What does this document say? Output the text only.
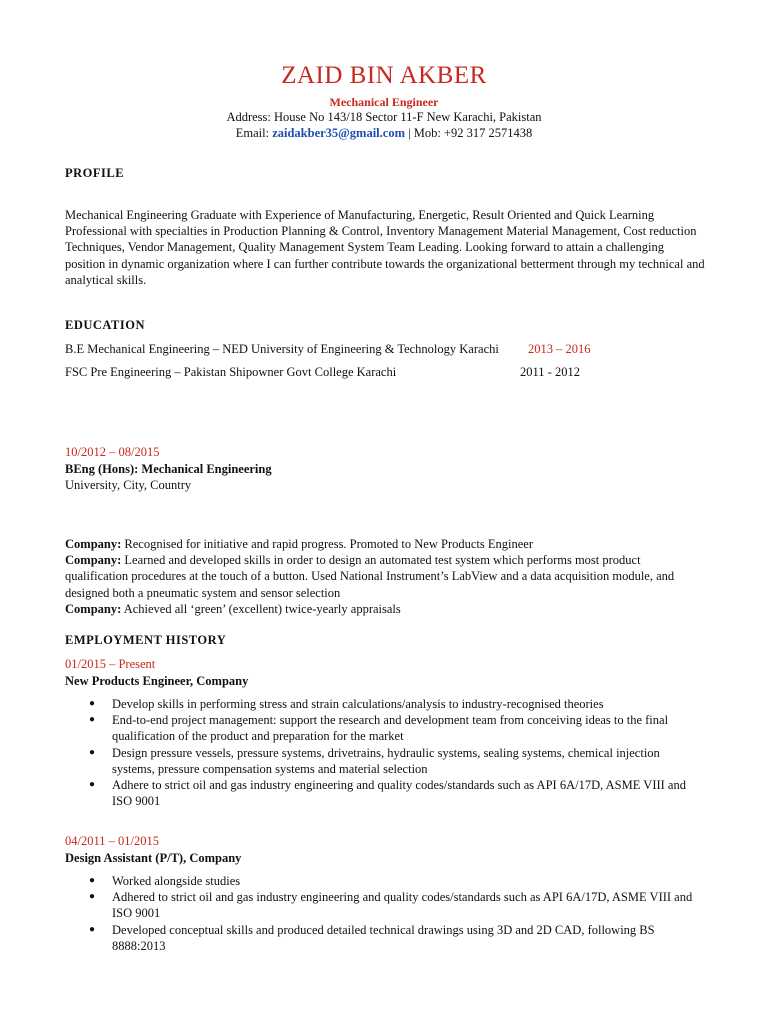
ZAID BIN AKBER
Mechanical Engineer
Address: House No 143/18 Sector 11-F New Karachi, Pakistan
Email: zaidakber35@gmail.com | Mob: +92 317 2571438
PROFILE
Mechanical Engineering Graduate with Experience of Manufacturing, Energetic, Result Oriented and Quick Learning Professional with specialties in Production Planning & Control, Inventory Management Material Management, Cost reduction Techniques, Vendor Management, Quality Management System Team Leading. Looking forward to attain a challenging position in dynamic organization where I can further contribute towards the organizational betterment through my technical and analytical skills.
EDUCATION
B.E Mechanical Engineering – NED University of Engineering & Technology Karachi 2013 – 2016
FSC Pre Engineering – Pakistan Shipowner Govt College Karachi	2011 - 2012
10/2012 – 08/2015
BEng (Hons): Mechanical Engineering
University, City, Country
Company: Recognised for initiative and rapid progress. Promoted to New Products Engineer
Company: Learned and developed skills in order to design an automated test system which performs most product qualification procedures at the touch of a button. Used National Instrument’s LabView and a data acquisition module, and designed both a pneumatic system and sensor selection
Company: Achieved all ‘green’ (excellent) twice-yearly appraisals
EMPLOYMENT HISTORY
01/2015 – Present
New Products Engineer, Company
● Develop skills in performing stress and strain calculations/analysis to industry-recognised theories
● End-to-end project management: support the research and development team from conceiving ideas to the final qualification of the product and preparation for the market
● Design pressure vessels, pressure systems, drivetrains, hydraulic systems, sealing systems, chemical injection systems, pressure compensation systems and material selection
● Adhere to strict oil and gas industry engineering and quality codes/standards such as API 6A/17D, ASME VIII and ISO 9001
04/2011 – 01/2015
Design Assistant (P/T), Company
● Worked alongside studies
● Adhered to strict oil and gas industry engineering and quality codes/standards such as API 6A/17D, ASME VIII and ISO 9001
● Developed conceptual skills and produced detailed technical drawings using 3D and 2D CAD, following BS 8888:2013
